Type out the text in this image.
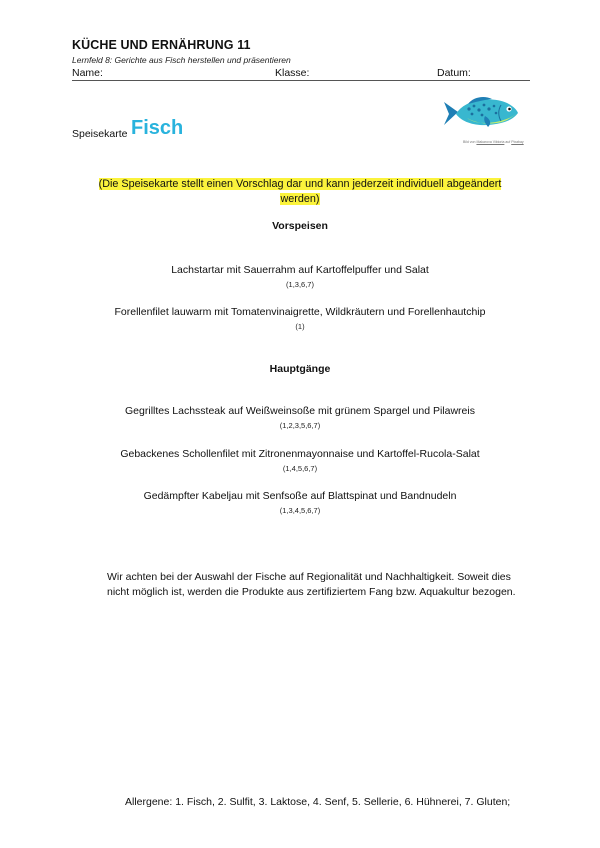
KÜCHE UND ERNÄHRUNG 11
Lernfeld 8: Gerichte aus Fisch herstellen und präsentieren
Name:	Klasse:	Datum:
Speisekarte Fisch
Bild von Makarova Viktoria auf Pixabay
(Die Speisekarte stellt einen Vorschlag dar und kann jederzeit individuell abgeändert werden)
Vorspeisen
Lachstartar mit Sauerrahm auf Kartoffelpuffer und Salat
(1,3,6,7)
Forellenfilet lauwarm mit Tomatenvinaigrette, Wildkräutern und Forellenhautchip
(1)
Hauptgänge
Gegrilltes Lachssteak auf Weißweinsoße mit grünem Spargel und Pilawreis
(1,2,3,5,6,7)
Gebackenes Schollenfilet mit Zitronenmayonnaise und Kartoffel-Rucola-Salat
(1,4,5,6,7)
Gedämpfter Kabeljau mit Senfsoße auf Blattspinat und Bandnudeln
(1,3,4,5,6,7)
Wir achten bei der Auswahl der Fische auf Regionalität und Nachhaltigkeit. Soweit dies nicht möglich ist, werden die Produkte aus zertifiziertem Fang bzw. Aquakultur bezogen.
Allergene: 1. Fisch, 2. Sulfit, 3. Laktose, 4. Senf, 5. Sellerie, 6. Hühnerei, 7. Gluten;
